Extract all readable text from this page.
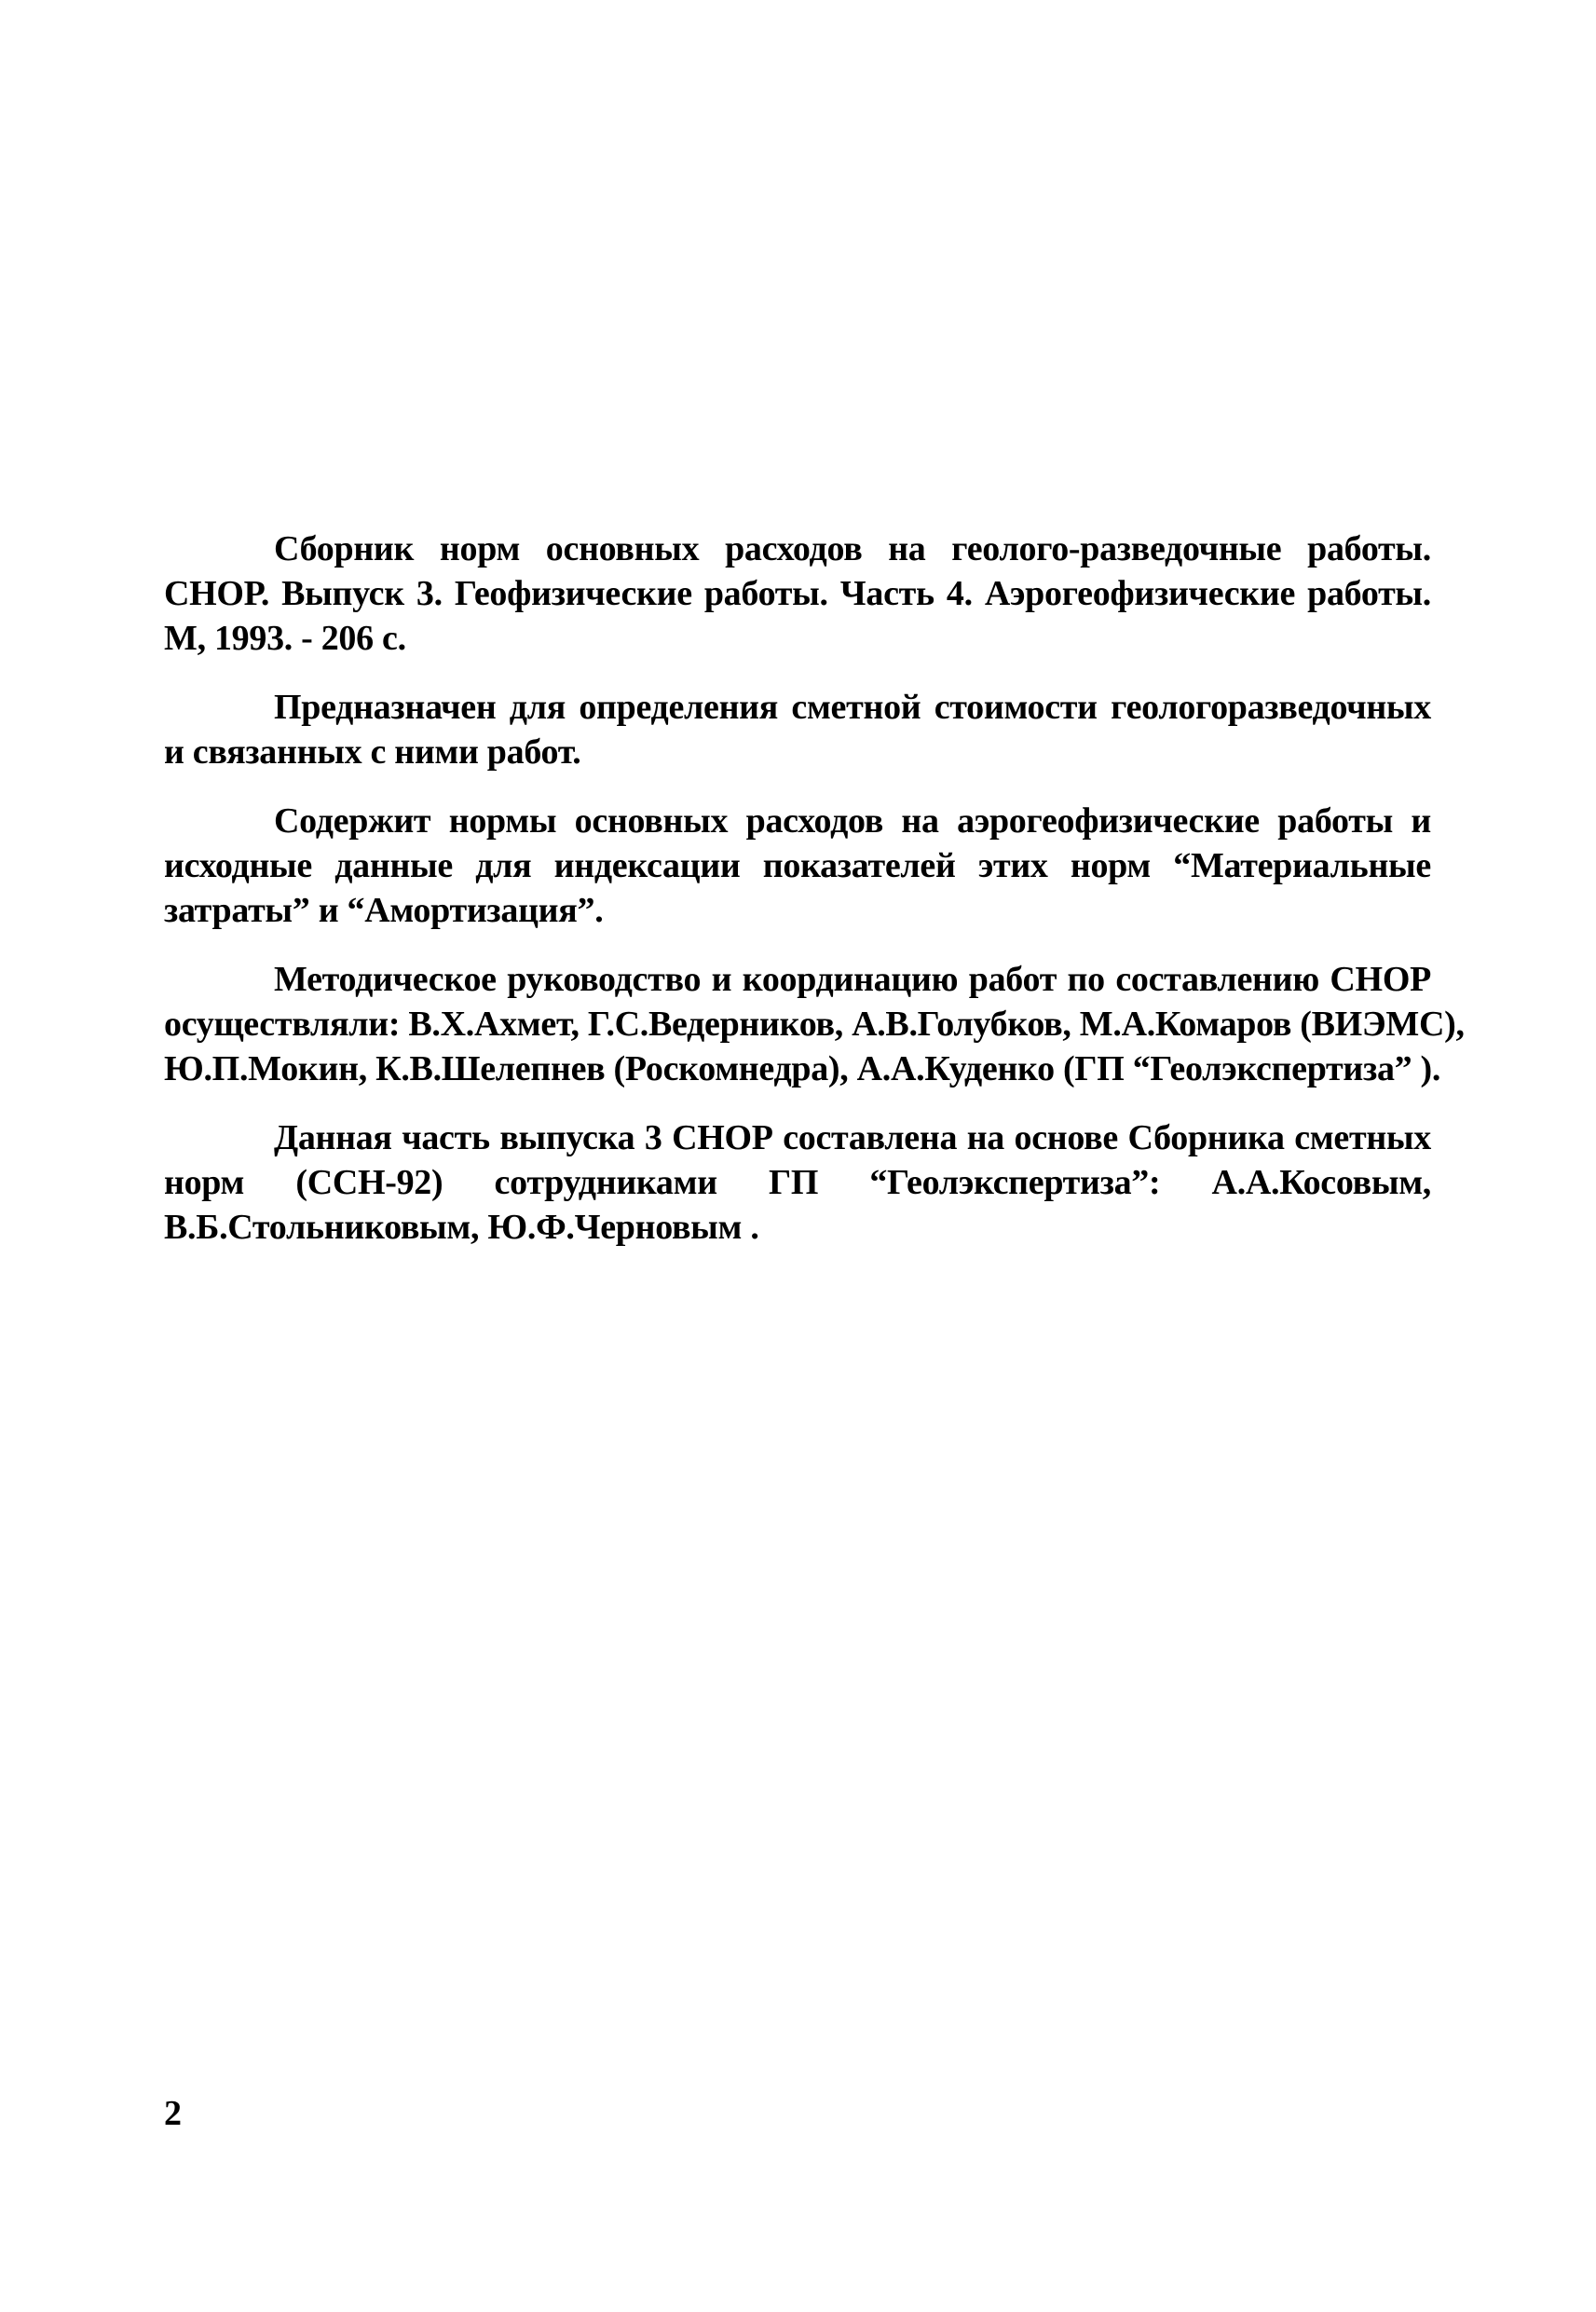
Сборник норм основных расходов на геолого-разведочные работы.
СНОР. Выпуск 3. Геофизические работы. Часть 4. Аэрогеофизические работы.
М, 1993. - 206 с.

Предназначен для определения сметной стоимости геологоразведочных
и связанных с ними работ.

Содержит нормы основных расходов на аэрогеофизические работы и
исходные данные для индексации показателей этих норм “Материальные
затраты” и “Амортизация”.

Методическое руководство и координацию работ по составлению СНОР
осуществляли: В.Х.Ахмет, Г.С.Ведерников, А.В.Голубков, М.А.Комаров (ВИЭМС),
Ю.П.Мокин, К.В.Шелепнев (Роскомнедра), А.А.Куденко (ГП “Геолэкспертиза” ).

Данная часть выпуска 3 СНОР составлена на основе Сборника сметных
норм (ССН-92) сотрудниками ГП “Геолэкспертиза”: А.А.Косовым,
В.Б.Стольниковым, Ю.Ф.Черновым .

2
